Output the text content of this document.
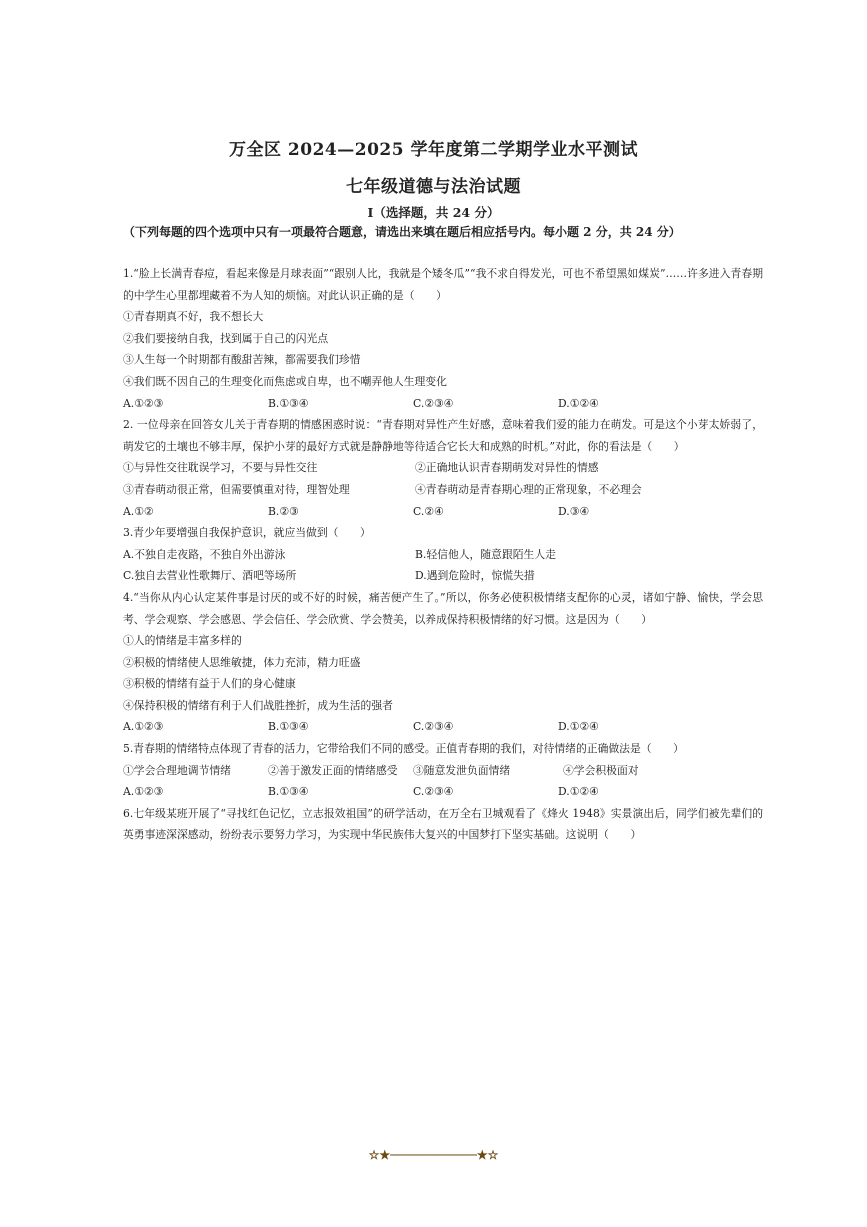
万全区 2024—2025 学年度第二学期学业水平测试
七年级道德与法治试题
Ⅰ（选择题，共 24 分）
（下列每题的四个选项中只有一项最符合题意，请选出来填在题后相应括号内。每小题 2 分，共 24 分）
1.“脸上长满青春痘，看起来像是月球表面”“跟别人比，我就是个矮冬瓜”“我不求自得发光，可也不希望黑如煤炭”……许多进入青春期的中学生心里都埋藏着不为人知的烦恼。对此认识正确的是（　　）
①青春期真不好，我不想长大
②我们要接纳自我，找到属于自己的闪光点
③人生每一个时期都有酸甜苦辣，都需要我们珍惜
④我们既不因自己的生理变化而焦虑或自卑，也不嘲弄他人生理变化
A.①②③	B.①③④	C.②③④	D.①②④
2. 一位母亲在回答女儿关于青春期的情感困惑时说：“青春期对异性产生好感，意味着我们爱的能力在萌发。可是这个小芽太娇弱了，萌发它的土壤也不够丰厚，保护小芽的最好方式就是静静地等待适合它长大和成熟的时机。”对此，你的看法是（　　）
①与异性交往耽误学习，不要与异性交往	②正确地认识青春期萌发对异性的情感
③青春萌动很正常，但需要慎重对待，理智处理	④青春萌动是青春期心理的正常现象，不必理会
A.①②	B.②③	C.②④	D.③④
3.青少年要增强自我保护意识，就应当做到（　　）
A.不独自走夜路，不独自外出游泳	B.轻信他人，随意跟陌生人走
C.独自去营业性歌舞厅、酒吧等场所	D.遇到危险时，惊慌失措
4.“当你从内心认定某件事是讨厌的或不好的时候，痛苦便产生了。”所以，你务必使积极情绪支配你的心灵，诸如宁静、愉快，学会思考、学会观察、学会感恩、学会信任、学会欣赏、学会赞美，以养成保持积极情绪的好习惯。这是因为（　　）
①人的情绪是丰富多样的
②积极的情绪使人思维敏捷，体力充沛，精力旺盛
③积极的情绪有益于人们的身心健康
④保持积极的情绪有利于人们战胜挫折，成为生活的强者
A.①②③	B.①③④	C.②③④	D.①②④
5.青春期的情绪特点体现了青春的活力，它带给我们不同的感受。正值青春期的我们，对待情绪的正确做法是（　　）
①学会合理地调节情绪	②善于激发正面的情绪感受	③随意发泄负面情绪	④学会积极面对
A.①②③	B.①③④	C.②③④	D.①②④
6.七年级某班开展了“寻找红色记忆，立志报效祖国”的研学活动，在万全右卫城观看了《烽火 1948》实景演出后，同学们被先辈们的英勇事迹深深感动，纷纷表示要努力学习，为实现中华民族伟大复兴的中国梦打下坚实基础。这说明（　　）
☆★────────────★☆
